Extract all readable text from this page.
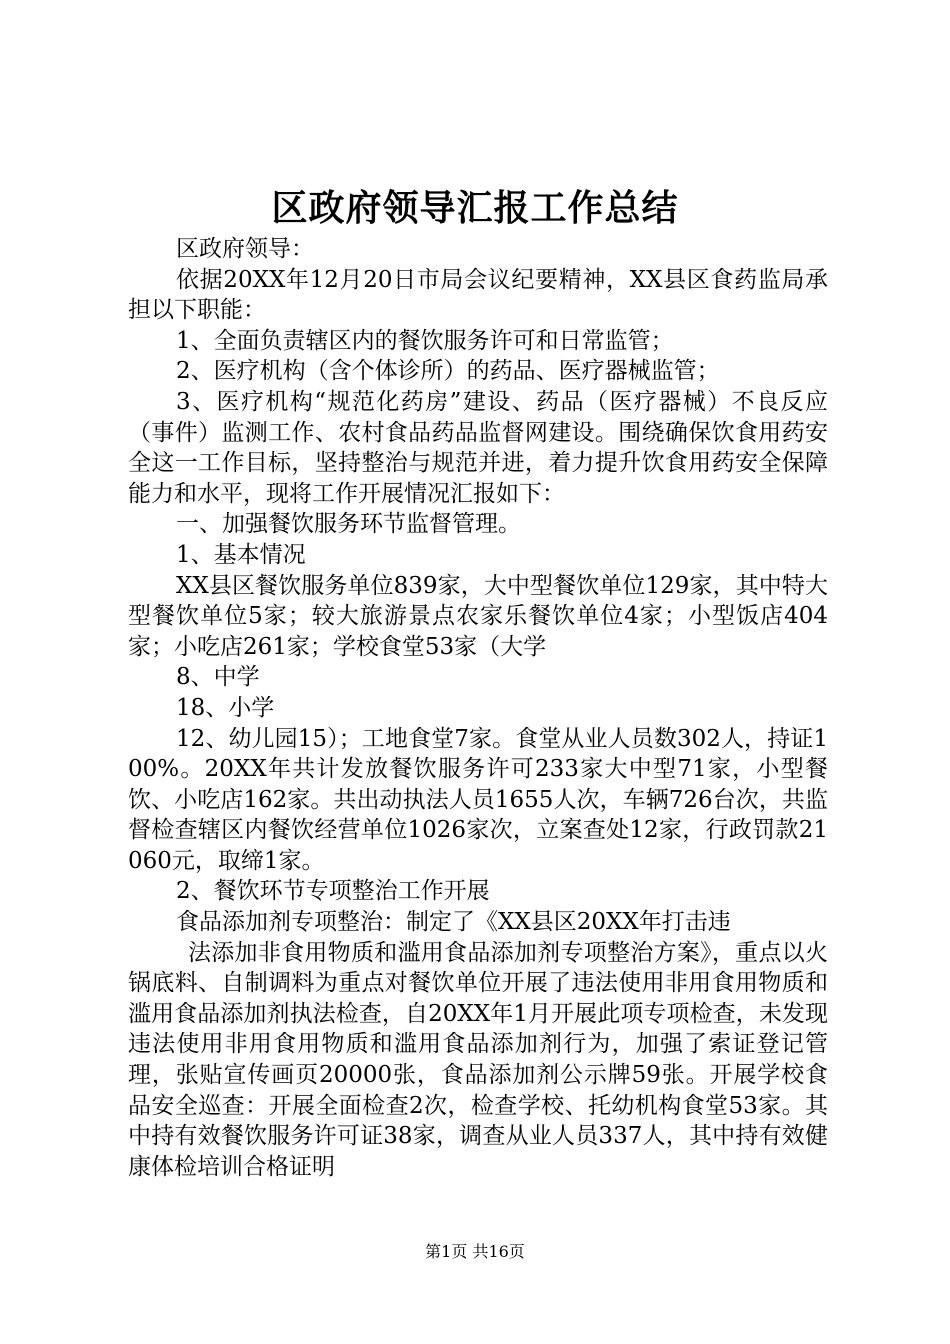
区政府领导汇报工作总结

区政府领导：

依据20XX年12月20日市局会议纪要精神，XX县区食药监局承担以下职能：

1、全面负责辖区内的餐饮服务许可和日常监管；

2、医疗机构（含个体诊所）的药品、医疗器械监管；

3、医疗机构“规范化药房”建设、药品（医疗器械）不良反应（事件）监测工作、农村食品药品监督网建设。围绕确保饮食用药安全这一工作目标，坚持整治与规范并进，着力提升饮食用药安全保障能力和水平，现将工作开展情况汇报如下：

一、加强餐饮服务环节监督管理。

1、基本情况

XX县区餐饮服务单位839家，大中型餐饮单位129家，其中特大型餐饮单位5家；较大旅游景点农家乐餐饮单位4家；小型饭店404家；小吃店261家；学校食堂53家（大学

8、中学

18、小学

12、幼儿园15）；工地食堂7家。食堂从业人员数302人，持证100%。20XX年共计发放餐饮服务许可233家大中型71家，小型餐饮、小吃店162家。共出动执法人员1655人次，车辆726台次，共监督检查辖区内餐饮经营单位1026家次，立案查处12家，行政罚款21060元，取缔1家。

2、餐饮环节专项整治工作开展

食品添加剂专项整治：制定了《XX县区20XX年打击违

法添加非食用物质和滥用食品添加剂专项整治方案》，重点以火锅底料、自制调料为重点对餐饮单位开展了违法使用非用食用物质和滥用食品添加剂执法检查，自20XX年1月开展此项专项检查，未发现违法使用非用食用物质和滥用食品添加剂行为，加强了索证登记管理，张贴宣传画页20000张，食品添加剂公示牌59张。开展学校食品安全巡查：开展全面检查2次，检查学校、托幼机构食堂53家。其中持有效餐饮服务许可证38家，调查从业人员337人，其中持有效健康体检培训合格证明

第1页 共16页
